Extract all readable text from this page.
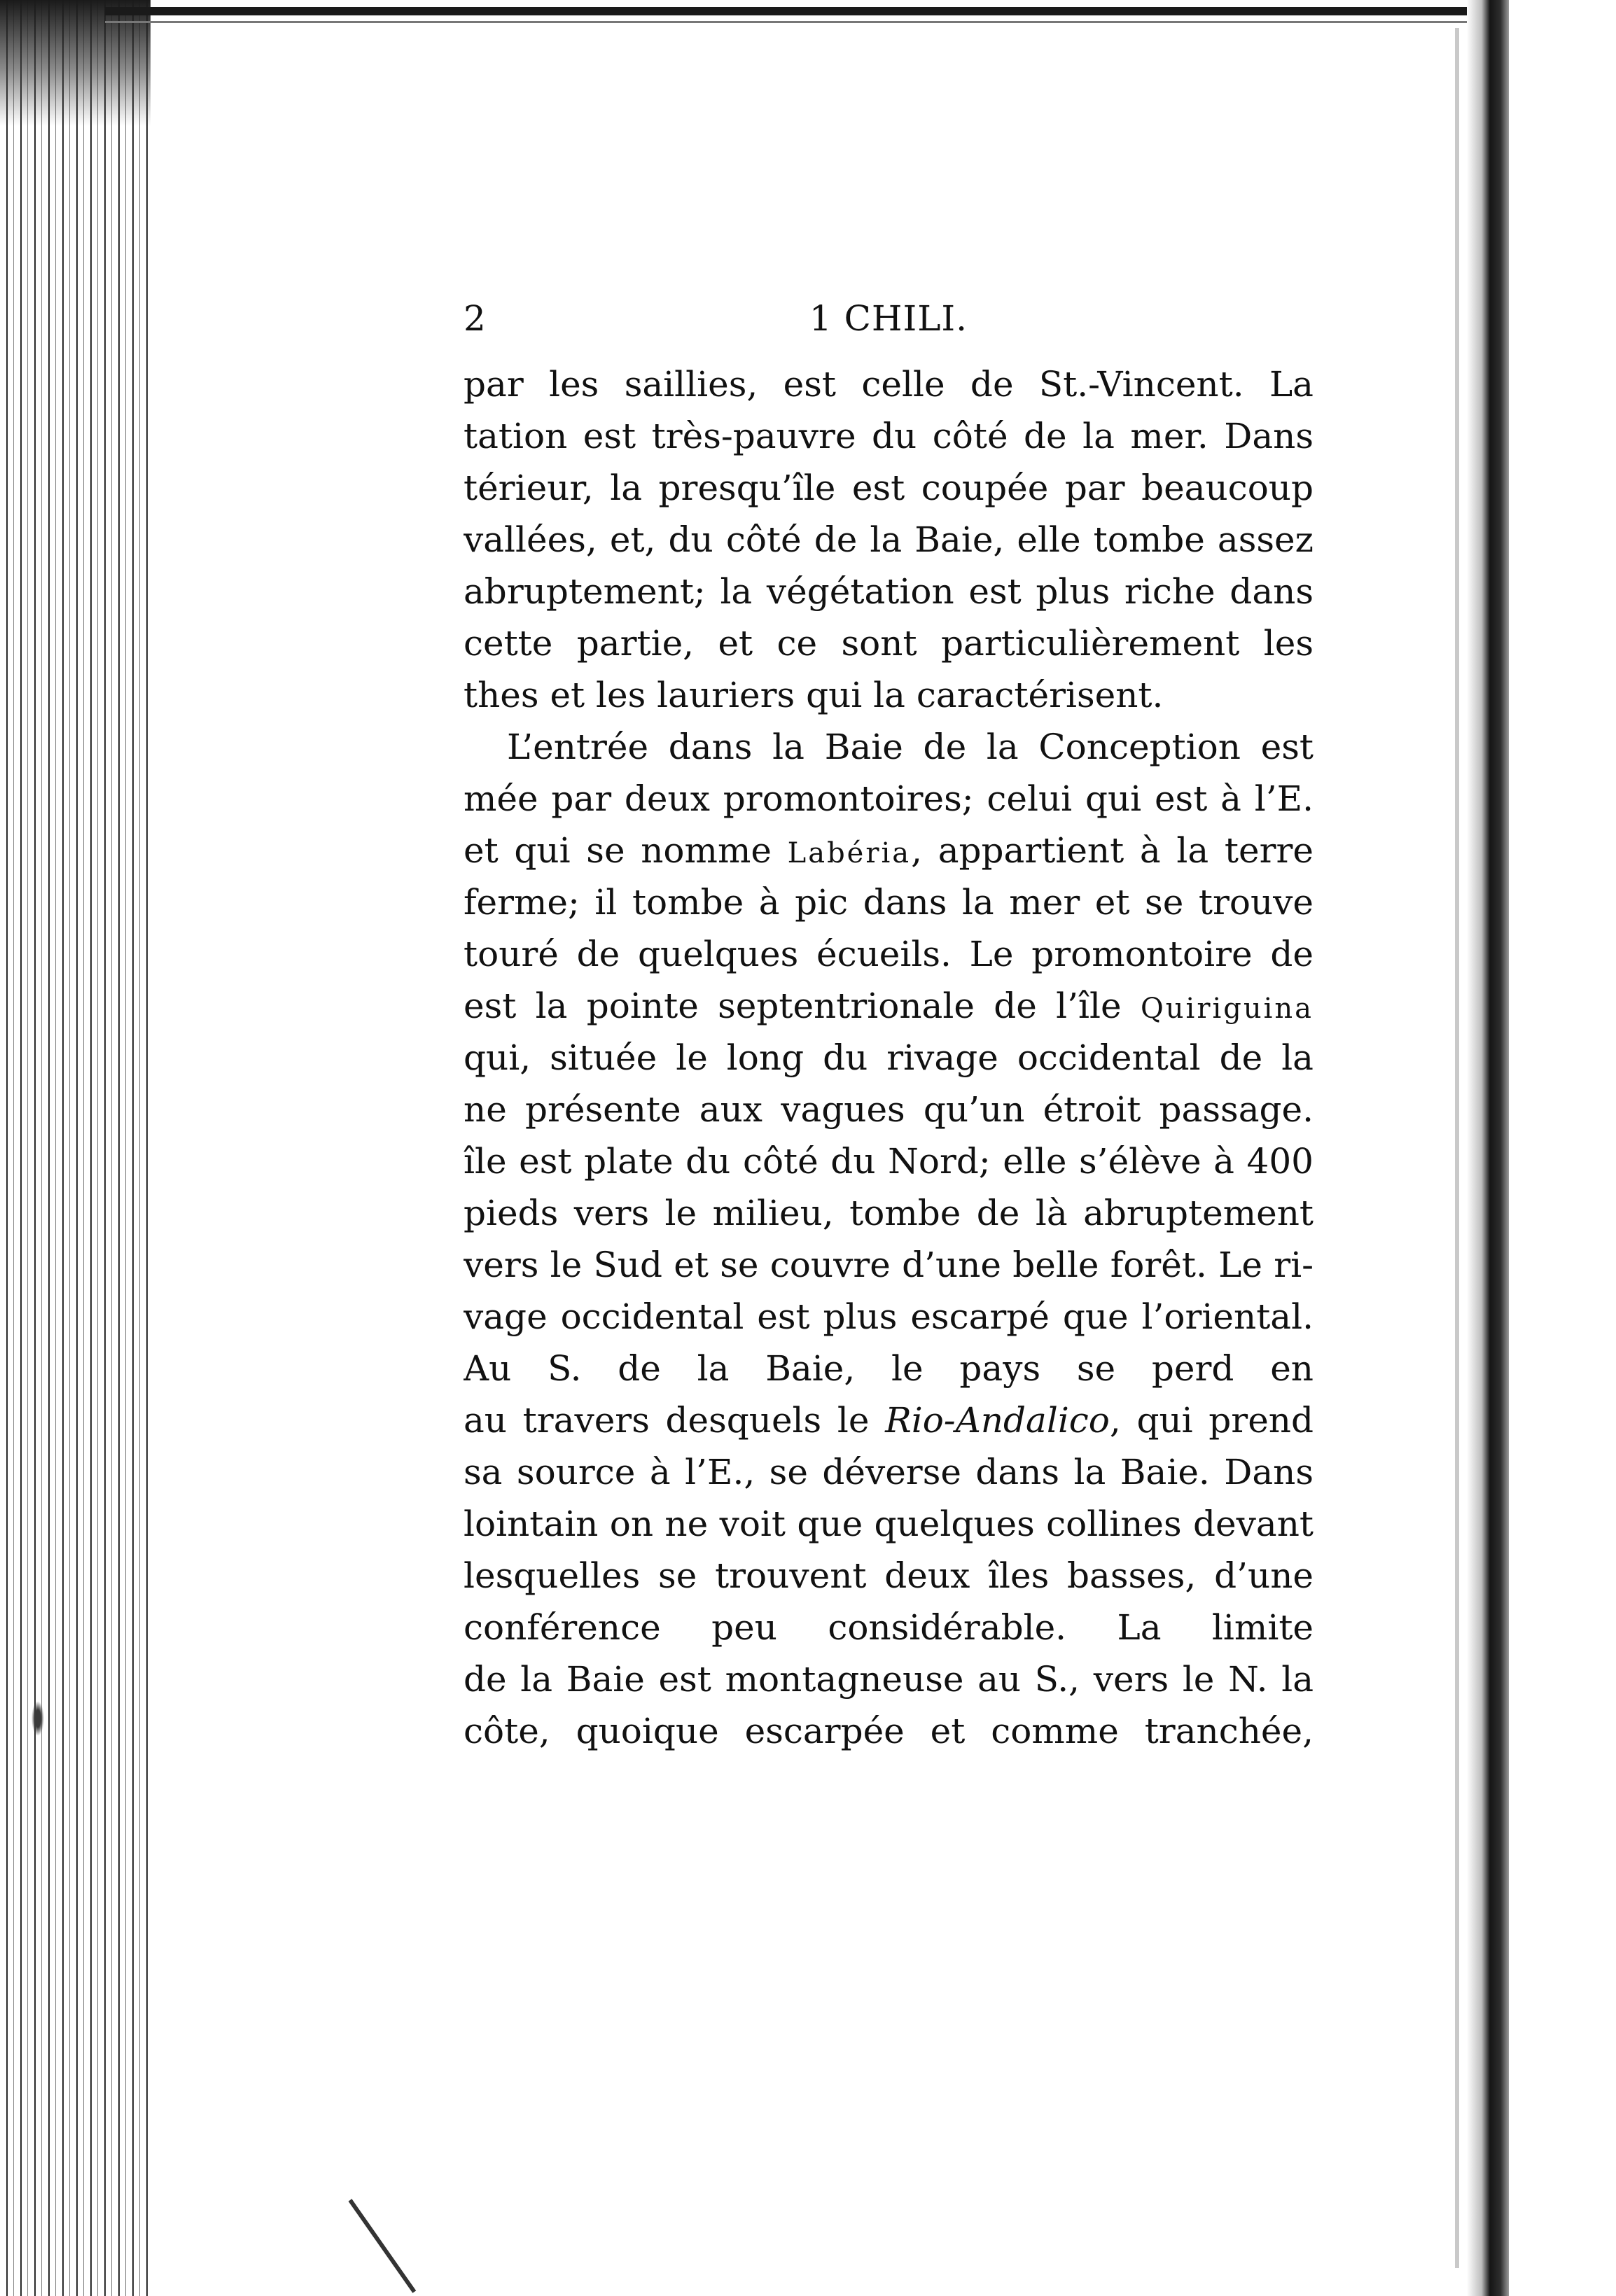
2	1 CHILI.
par les saillies, est celle de St.-Vincent. La
tation est très-pauvre du côté de la mer. Dans
térieur, la presqu’île est coupée par beaucoup
vallées, et, du côté de la Baie, elle tombe assez
abruptement; la végétation est plus riche dans
cette partie, et ce sont particulièrement les
thes et les lauriers qui la caractérisent.
L’entrée dans la Baie de la Conception est
mée par deux promontoires; celui qui est à l’E.
et qui se nomme Labéria, appartient à la terre
ferme; il tombe à pic dans la mer et se trouve
touré de quelques écueils. Le promontoire de
est la pointe septentrionale de l’île Quiriguina
qui, située le long du rivage occidental de la
ne présente aux vagues qu’un étroit passage.
île est plate du côté du Nord; elle s’élève à 400
pieds vers le milieu, tombe de là abruptement
vers le Sud et se couvre d’une belle forêt. Le ri-
vage occidental est plus escarpé que l’oriental.
Au S. de la Baie, le pays se perd en
au travers desquels le Rio-Andalico, qui prend
sa source à l’E., se déverse dans la Baie. Dans
lointain on ne voit que quelques collines devant
lesquelles se trouvent deux îles basses, d’une
conférence peu considérable. La limite
de la Baie est montagneuse au S., vers le N. la
côte, quoique escarpée et comme tranchée,
